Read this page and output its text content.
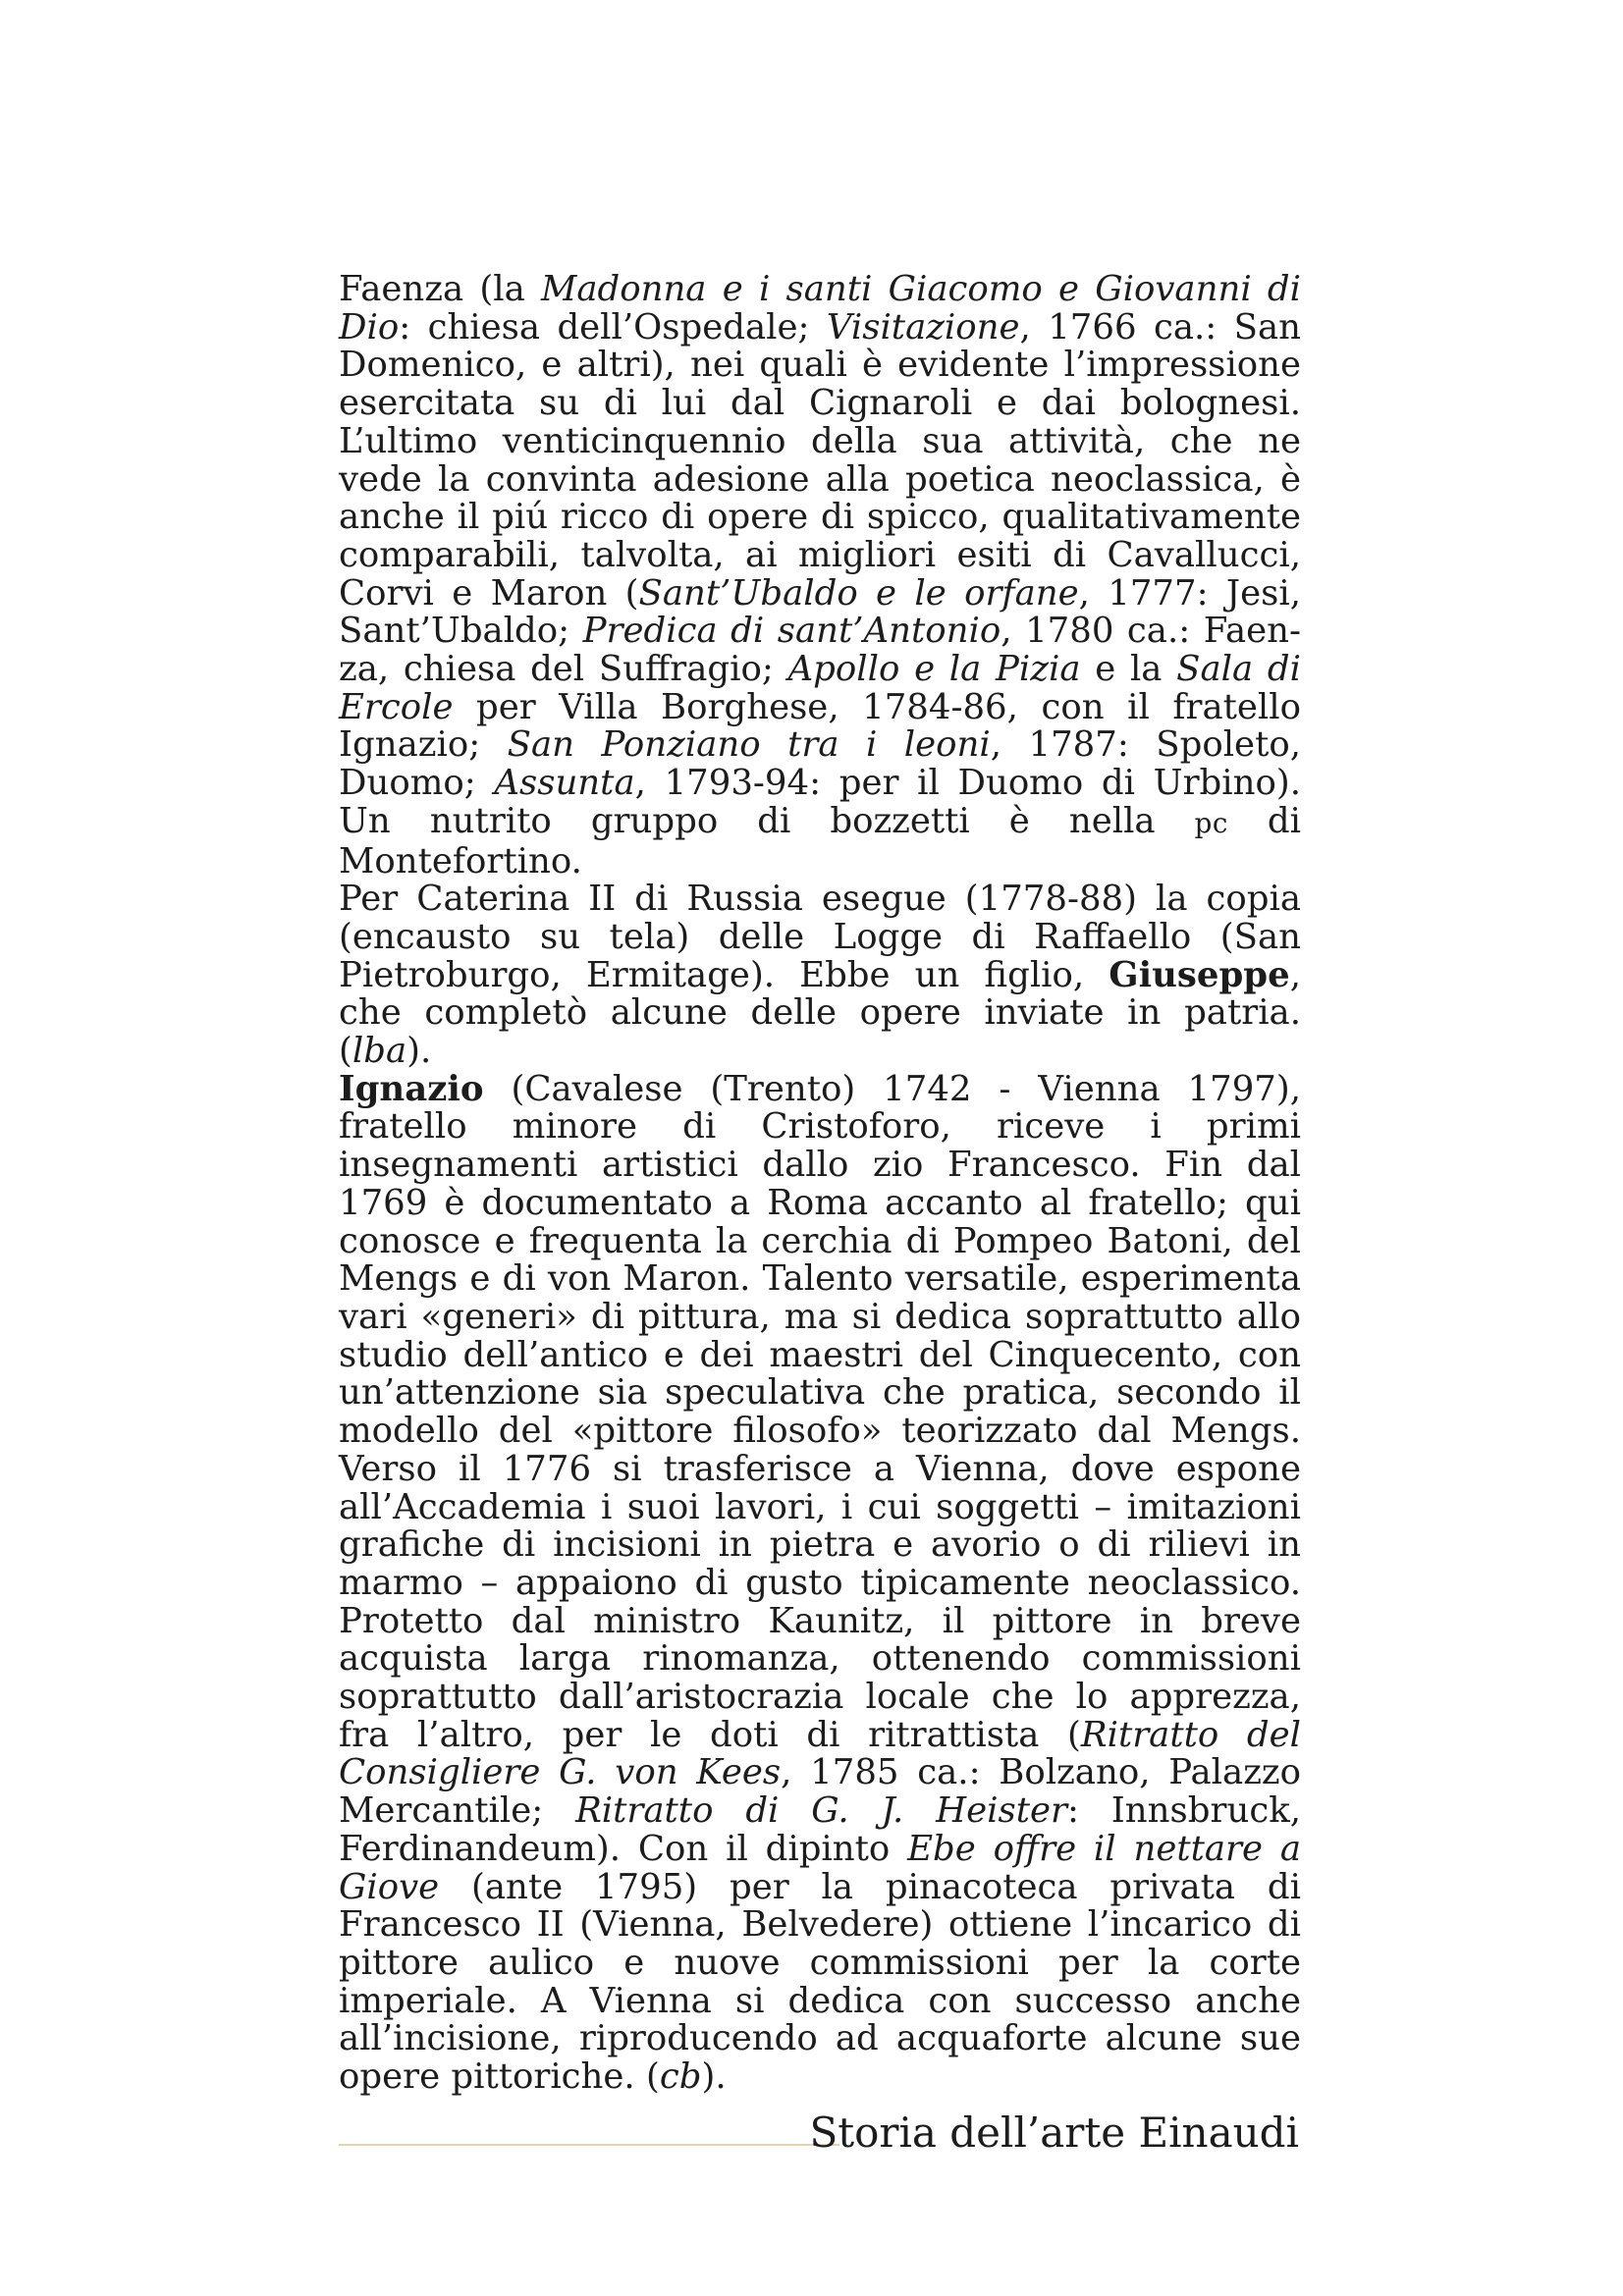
Faenza (la Madonna e i santi Giacomo e Giovanni di Dio: chiesa dell’Ospedale; Visitazione, 1766 ca.: San Domenico, e altri), nei quali è evidente l’impressione esercitata su di lui dal Cignaroli e dai bolognesi. L’ultimo venticinquennio della sua attività, che ne vede la convinta adesione alla poetica neoclassica, è anche il piú ricco di opere di spicco, qualitativamente comparabili, talvolta, ai migliori esiti di Cavallucci, Corvi e Maron (Sant’Ubaldo e le orfane, 1777: Jesi, Sant’Ubaldo; Predica di sant’Antonio, 1780 ca.: Faenza, chiesa del Suffragio; Apollo e la Pizia e la Sala di Ercole per Villa Borghese, 1784-86, con il fratello Ignazio; San Ponziano tra i leoni, 1787: Spoleto, Duomo; Assunta, 1793-94: per il Duomo di Urbino). Un nutrito gruppo di bozzetti è nella pc di Montefortino.

Per Caterina II di Russia esegue (1778-88) la copia (encausto su tela) delle Logge di Raffaello (San Pietroburgo, Ermitage). Ebbe un figlio, Giuseppe, che completò alcune delle opere inviate in patria. (lba).

Ignazio (Cavalese (Trento) 1742 - Vienna 1797), fratello minore di Cristoforo, riceve i primi insegnamenti artistici dallo zio Francesco. Fin dal 1769 è documentato a Roma accanto al fratello; qui conosce e frequenta la cerchia di Pompeo Batoni, del Mengs e di von Maron. Talento versatile, esperimenta vari «generi» di pittura, ma si dedica soprattutto allo studio dell’antico e dei maestri del Cinquecento, con un’attenzione sia speculativa che pratica, secondo il modello del «pittore filosofo» teorizzato dal Mengs. Verso il 1776 si trasferisce a Vienna, dove espone all’Accademia i suoi lavori, i cui soggetti – imitazioni grafiche di incisioni in pietra e avorio o di rilievi in marmo – appaiono di gusto tipicamente neoclassico. Protetto dal ministro Kaunitz, il pittore in breve acquista larga rinomanza, ottenendo commissioni soprattutto dall’aristocrazia locale che lo apprezza, fra l’altro, per le doti di ritrattista (Ritratto del Consigliere G. von Kees, 1785 ca.: Bolzano, Palazzo Mercantile; Ritratto di G. J. Heister: Innsbruck, Ferdinandeum). Con il dipinto Ebe offre il nettare a Giove (ante 1795) per la pinacoteca privata di Francesco II (Vienna, Belvedere) ottiene l’incarico di pittore aulico e nuove commissioni per la corte imperiale. A Vienna si dedica con successo anche all’incisione, riproducendo ad acquaforte alcune sue opere pittoriche. (cb).

Storia dell’arte Einaudi
